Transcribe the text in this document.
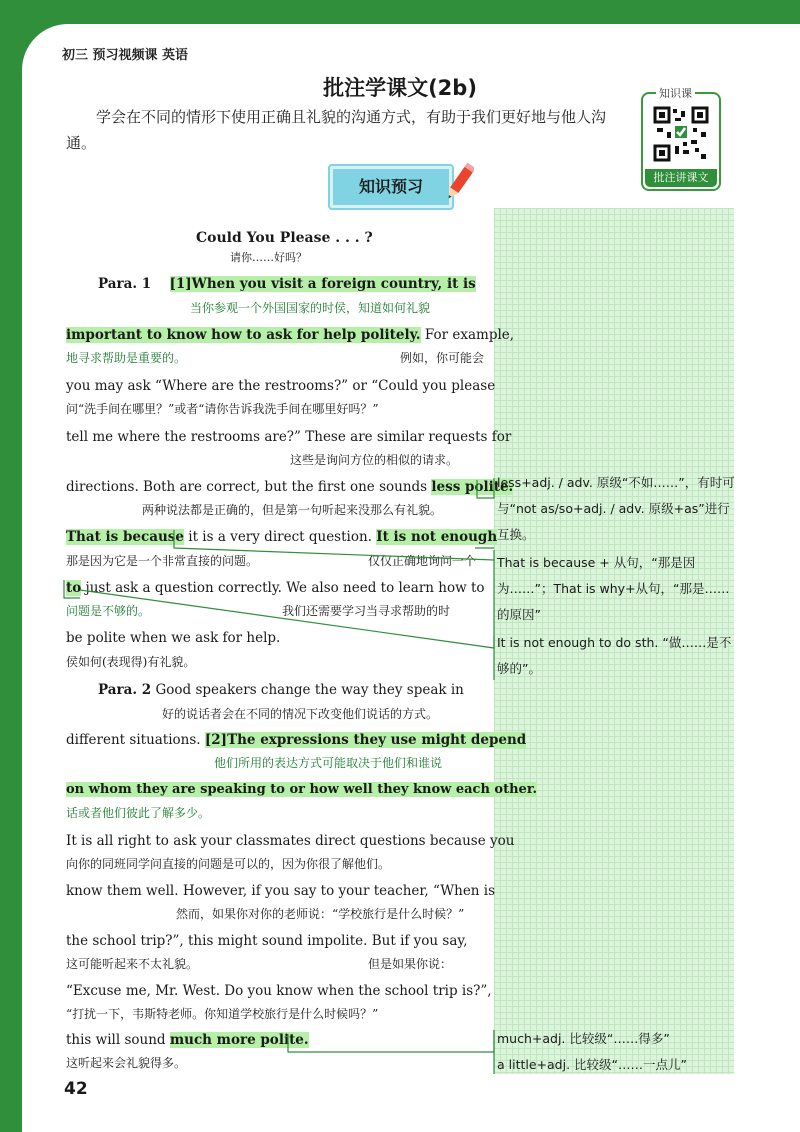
初三 预习视频课 英语
批注学课文(2b)
学会在不同的情形下使用正确且礼貌的沟通方式，有助于我们更好地与他人沟通。
知识课
批注讲课文
知识预习
Could You Please . . . ?
请你……好吗？
Para. 1 [1]When you visit a foreign country, it is
当你参观一个外国国家的时侯，知道如何礼貌
important to know how to ask for help politely. For example,
地寻求帮助是重要的。	例如，你可能会
you may ask “Where are the restrooms?” or “Could you please
问“洗手间在哪里？”或者“请你告诉我洗手间在哪里好吗？”
tell me where the restrooms are?” These are similar requests for
这些是询问方位的相似的请求。
directions. Both are correct, but the first one sounds less polite.
两种说法都是正确的，但是第一句听起来没那么有礼貌。
That is because it is a very direct question. It is not enough
那是因为它是一个非常直接的问题。	仅仅正确地询问一个
to just ask a question correctly. We also need to learn how to
问题是不够的。	我们还需要学习当寻求帮助的时
be polite when we ask for help.
侯如何(表现得)有礼貌。
Para. 2 Good speakers change the way they speak in
好的说话者会在不同的情况下改变他们说话的方式。
different situations. [2]The expressions they use might depend
他们所用的表达方式可能取决于他们和谁说
on whom they are speaking to or how well they know each other.
话或者他们彼此了解多少。
It is all right to ask your classmates direct questions because you
向你的同班同学问直接的问题是可以的，因为你很了解他们。
know them well. However, if you say to your teacher, “When is
然而，如果你对你的老师说：“学校旅行是什么时候？”
the school trip?”, this might sound impolite. But if you say,
这可能听起来不太礼貌。	但是如果你说：
“Excuse me, Mr. West. Do you know when the school trip is?”,
“打扰一下，韦斯特老师。你知道学校旅行是什么时候吗？”
this will sound much more polite.
这听起来会礼貌得多。
less+adj. / adv. 原级“不如……”，有时可与“not as/so+adj. / adv. 原级+as”进行互换。
That is because + 从句，“那是因为……”；That is why+从句，“那是……的原因”
It is not enough to do sth. “做……是不够的”。
much+adj. 比较级“……得多”
a little+adj. 比较级“……一点儿”
42
